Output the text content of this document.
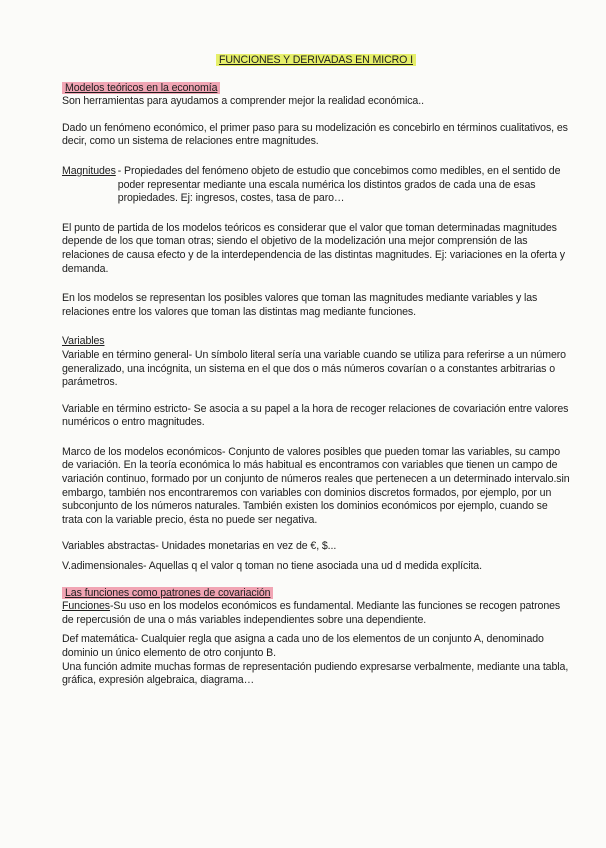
FUNCIONES Y DERIVADAS EN MICRO I

Modelos teóricos en la economía

Son herramientas para ayudamos a comprender mejor la realidad económica..

Dado un fenómeno económico, el primer paso para su modelización es concebirlo en términos cualitativos, es decir, como un sistema de relaciones entre magnitudes.

Magnitudes - Propiedades del fenómeno objeto de estudio que concebimos como medibles, en el sentido de poder representar mediante una escala numérica los distintos grados de cada una de esas propiedades. Ej: ingresos, costes, tasa de paro…

El punto de partida de los modelos teóricos es considerar que el valor que toman determinadas magnitudes depende de los que toman otras; siendo el objetivo de la modelización una mejor comprensión de las relaciones de causa efecto y de la interdependencia de las distintas magnitudes. Ej: variaciones en la oferta y demanda.

En los modelos se representan los posibles valores que toman las magnitudes mediante variables y las relaciones entre los valores que toman las distintas mag mediante funciones.

Variables

Variable en término general- Un símbolo literal sería una variable cuando se utiliza para referirse a un número generalizado, una incógnita, un sistema en el que dos o más números covarían o a constantes arbitrarias o parámetros.

Variable en término estricto- Se asocia a su papel a la hora de recoger relaciones de covariación entre valores numéricos o entro magnitudes.

Marco de los modelos económicos- Conjunto de valores posibles que pueden tomar las variables, su campo de variación. En la teoría económica lo más habitual es encontramos con variables que tienen un campo de variación continuo, formado por un conjunto de números reales que pertenecen a un determinado intervalo.sin embargo, también nos encontraremos con variables con dominios discretos formados, por ejemplo, por un subconjunto de los números naturales. También existen los dominios económicos por ejemplo, cuando se trata con la variable precio, ésta no puede ser negativa.

Variables abstractas- Unidades monetarias en vez de €, $...

V.adimensionales- Aquellas q el valor q toman no tiene asociada una ud d medida explícita.

Las funciones como patrones de covariación

Funciones-Su uso en los modelos económicos es fundamental. Mediante las funciones se recogen patrones de repercusión de una o más variables independientes sobre una dependiente.

Def matemática- Cualquier regla que asigna a cada uno de los elementos de un conjunto A, denominado dominio un único elemento de otro conjunto B.

Una función admite muchas formas de representación pudiendo expresarse verbalmente, mediante una tabla, gráfica, expresión algebraica, diagrama…
